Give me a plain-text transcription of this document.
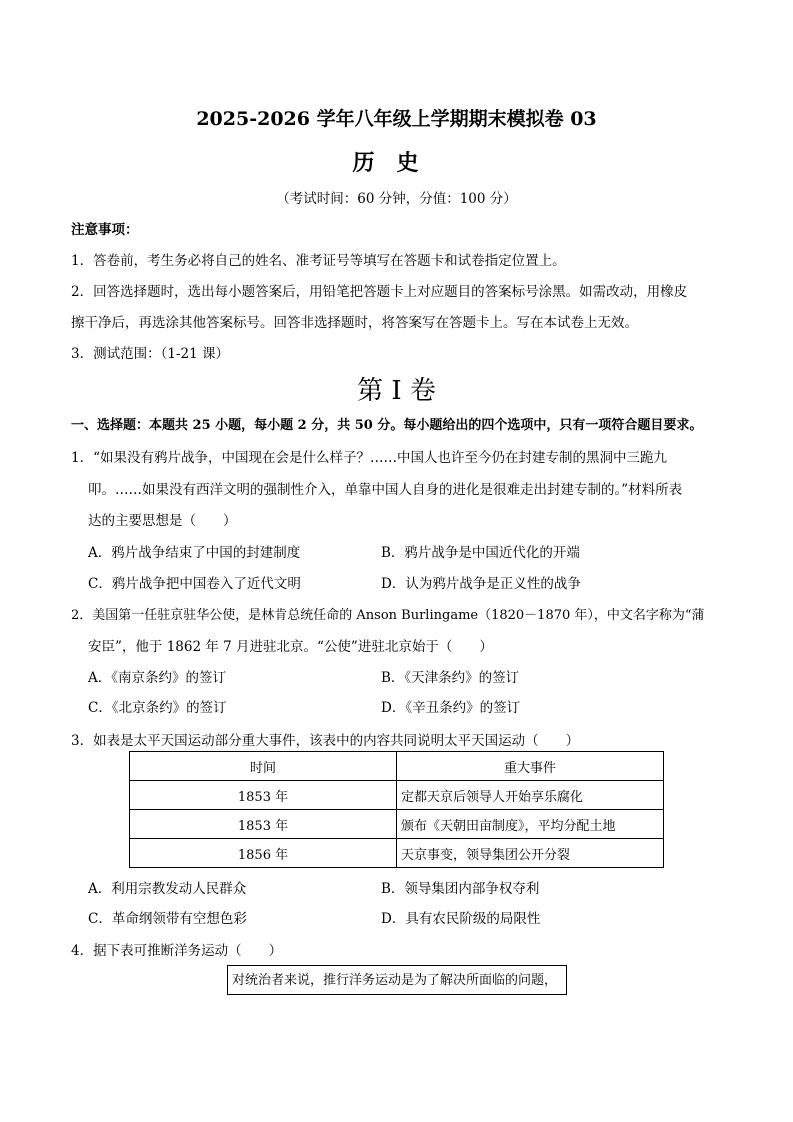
2025-2026 学年八年级上学期期末模拟卷 03
历史
（考试时间：60 分钟，分值：100 分）
注意事项：
1．答卷前，考生务必将自己的姓名、准考证号等填写在答题卡和试卷指定位置上。
2．回答选择题时，选出每小题答案后，用铅笔把答题卡上对应题目的答案标号涂黑。如需改动，用橡皮
擦干净后，再选涂其他答案标号。回答非选择题时，将答案写在答题卡上。写在本试卷上无效。
3．测试范围：（1-21 课）
第 I 卷
一、选择题：本题共 25 小题，每小题 2 分，共 50 分。每小题给出的四个选项中，只有一项符合题目要求。
1．“如果没有鸦片战争，中国现在会是什么样子？……中国人也许至今仍在封建专制的黑洞中三跪九
叩。……如果没有西洋文明的强制性介入，单靠中国人自身的进化是很难走出封建专制的。”材料所表
达的主要思想是（　　）
A．鸦片战争结束了中国的封建制度	B．鸦片战争是中国近代化的开端
C．鸦片战争把中国卷入了近代文明	D．认为鸦片战争是正义性的战争
2．美国第一任驻京驻华公使，是林肯总统任命的 Anson Burlingame（1820－1870 年），中文名字称为“蒲
安臣”，他于 1862 年 7 月进驻北京。“公使”进驻北京始于（　　）
A．《南京条约》的签订	B．《天津条约》的签订
C．《北京条约》的签订	D．《辛丑条约》的签订
3．如表是太平天国运动部分重大事件，该表中的内容共同说明太平天国运动（　　）
时间	重大事件
1853 年	定都天京后领导人开始享乐腐化
1853 年	颁布《天朝田亩制度》，平均分配土地
1856 年	天京事变，领导集团公开分裂
A．利用宗教发动人民群众	B．领导集团内部争权夺利
C．革命纲领带有空想色彩	D．具有农民阶级的局限性
4．据下表可推断洋务运动（　　）
对统治者来说，推行洋务运动是为了解决所面临的问题，
